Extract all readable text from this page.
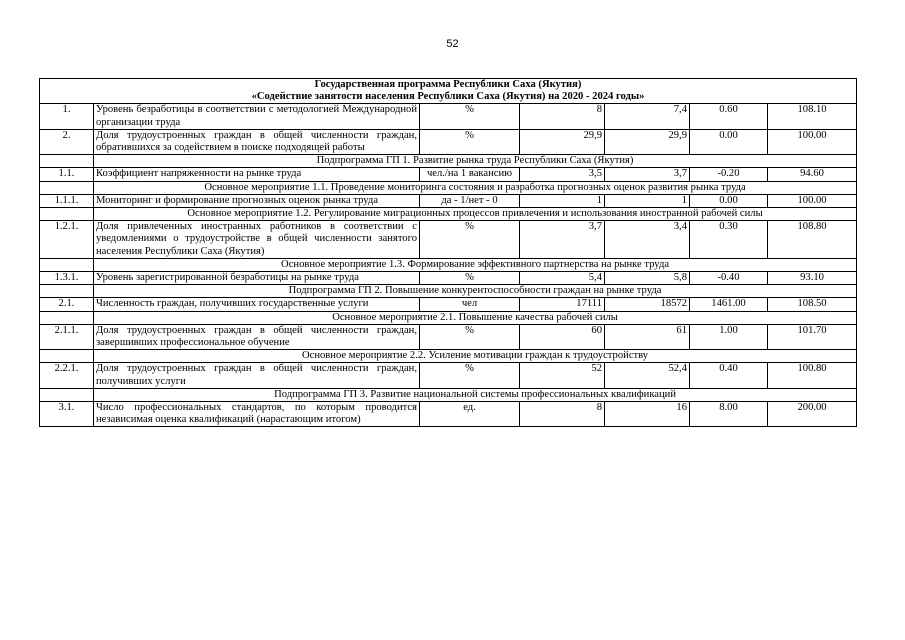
52
Государственная программа Республики Саха (Якутия)
«Содействие занятости населения Республики Саха (Якутия) на 2020 - 2024 годы»						

1.	Уровень безработицы в соответствии с методологией Международной организации труда	%	8	7,4	0.60	108.10
2.	Доля трудоустроенных граждан в общей численности граждан, обратившихся за содействием в поиске подходящей работы	%	29,9	29,9	0.00	100.00
	Подпрограмма ГП 1. Развитие рынка труда Республики Саха (Якутия)					
1.1.	Коэффициент напряженности на рынке труда	чел./на 1 вакансию	3,5	3,7	-0.20	94.60
	Основное мероприятие 1.1. Проведение мониторинга состояния и разработка прогнозных оценок развития рынка труда					
1.1.1.	Мониторинг и формирование прогнозных оценок рынка труда	да - 1/нет - 0	1	1	0.00	100.00
	Основное мероприятие 1.2. Регулирование миграционных процессов привлечения и использования иностранной рабочей силы					
1.2.1.	Доля привлеченных иностранных работников в соответствии с уведомлениями о трудоустройстве в общей численности занятого населения Республики Саха (Якутия)	%	3,7	3,4	0.30	108.80
	Основное мероприятие 1.3. Формирование эффективного партнерства на рынке труда					
1.3.1.	Уровень зарегистрированной безработицы на рынке труда	%	5,4	5,8	-0.40	93.10
	Подпрограмма ГП 2. Повышение конкурентоспособности граждан на рынке труда					
2.1.	Численность граждан, получивших государственные услуги	чел	17111	18572	1461.00	108.50
	Основное мероприятие 2.1. Повышение качества рабочей силы					
2.1.1.	Доля трудоустроенных граждан в общей численности граждан, завершивших профессиональное обучение	%	60	61	1.00	101.70
	Основное мероприятие 2.2. Усиление мотивации граждан к трудоустройству					
2.2.1.	Доля трудоустроенных граждан в общей численности граждан, получивших услуги	%	52	52,4	0.40	100.80
	Подпрограмма ГП 3. Развитие национальной системы профессиональных квалификаций					
3.1.	Число профессиональных стандартов, по которым проводится независимая оценка квалификаций (нарастающим итогом)	ед.	8	16	8.00	200.00
